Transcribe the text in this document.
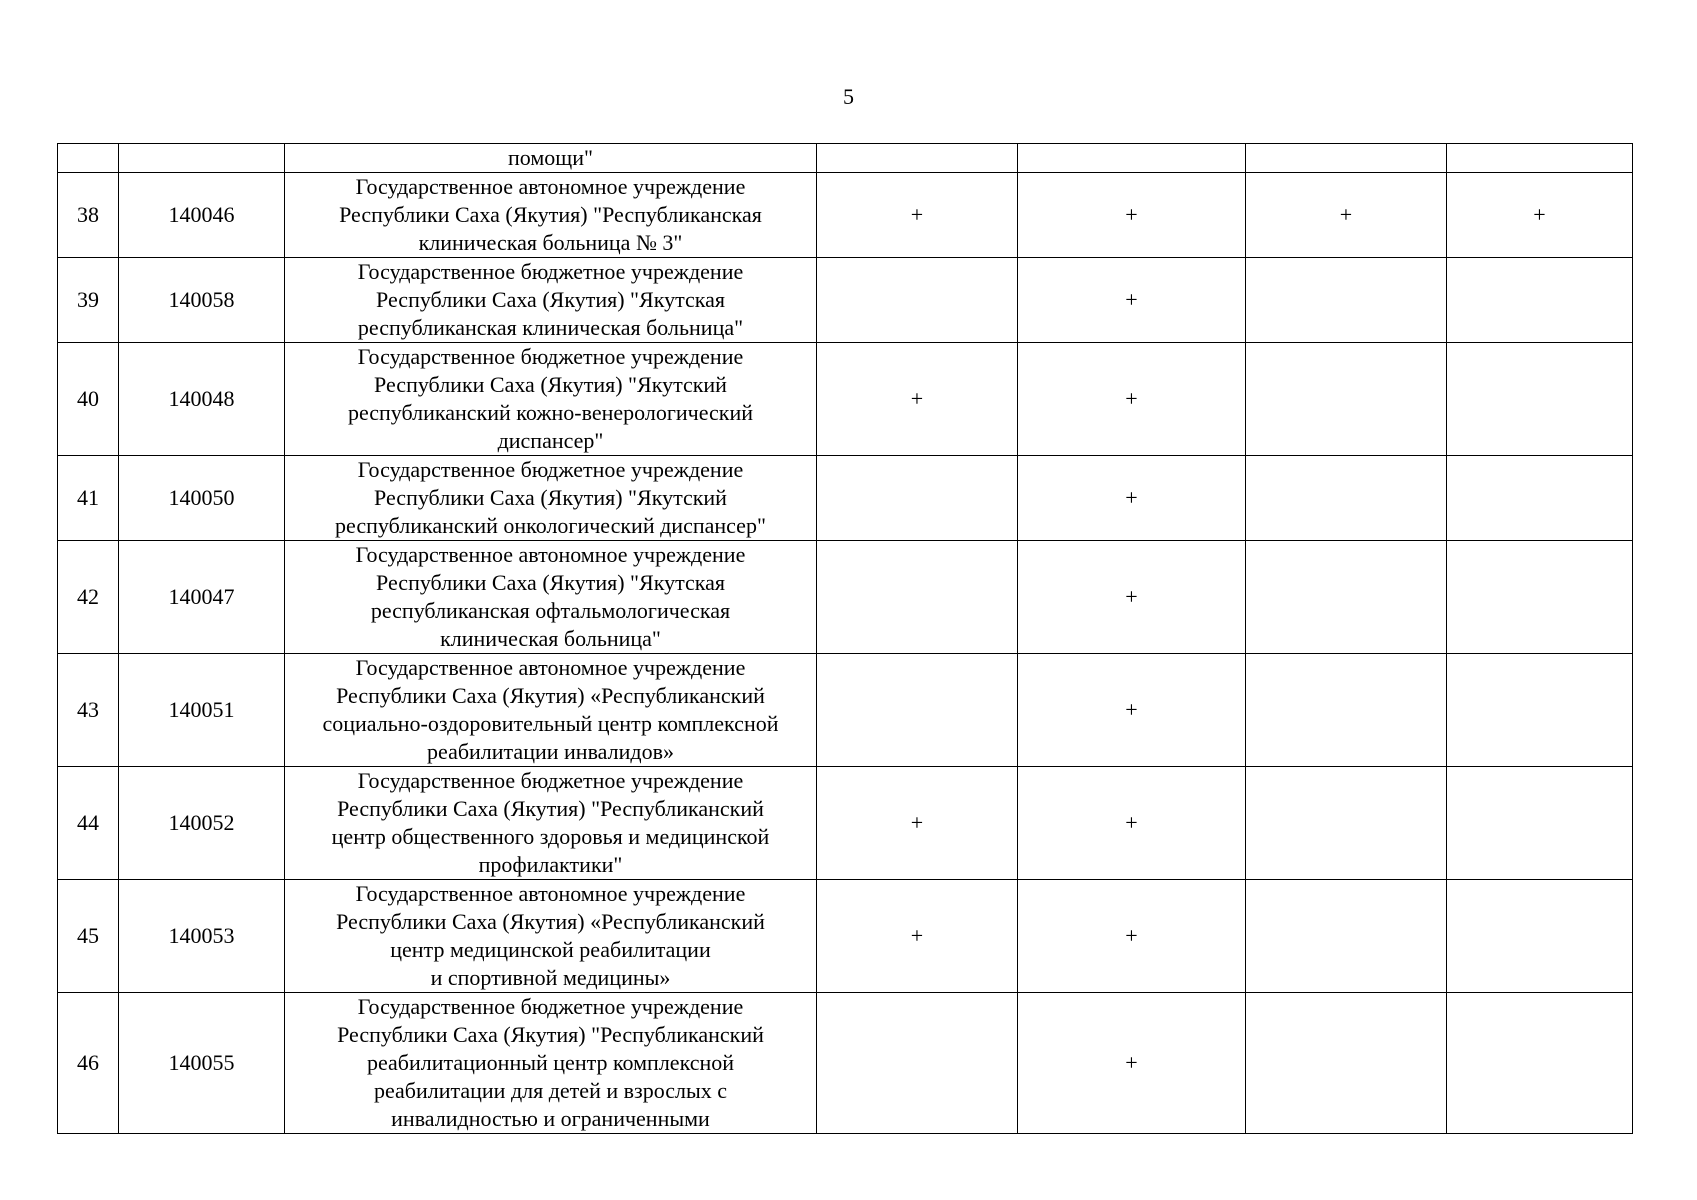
5
		помощи"				
38	140046	Государственное автономное учреждение
Республики Саха (Якутия) "Республиканская
клиническая больница № 3"	+	+	+	+
39	140058	Государственное бюджетное учреждение
Республики Саха (Якутия) "Якутская
республиканская клиническая больница"		+		
40	140048	Государственное бюджетное учреждение
Республики Саха (Якутия) "Якутский
республиканский кожно-венерологический
диспансер"	+	+		
41	140050	Государственное бюджетное учреждение
Республики Саха (Якутия) "Якутский
республиканский онкологический диспансер"		+		
42	140047	Государственное автономное учреждение
Республики Саха (Якутия) "Якутская
республиканская офтальмологическая
клиническая больница"		+		
43	140051	Государственное автономное учреждение
Республики Саха (Якутия) «Республиканский
социально-оздоровительный центр комплексной
реабилитации инвалидов»		+		
44	140052	Государственное бюджетное учреждение
Республики Саха (Якутия) "Республиканский
центр общественного здоровья и медицинской
профилактики"	+	+		
45	140053	Государственное автономное учреждение
Республики Саха (Якутия) «Республиканский
центр медицинской реабилитации
и спортивной медицины»	+	+		
46	140055	Государственное бюджетное учреждение
Республики Саха (Якутия) "Республиканский
реабилитационный центр комплексной
реабилитации для детей и взрослых с
инвалидностью и ограниченными		+		
